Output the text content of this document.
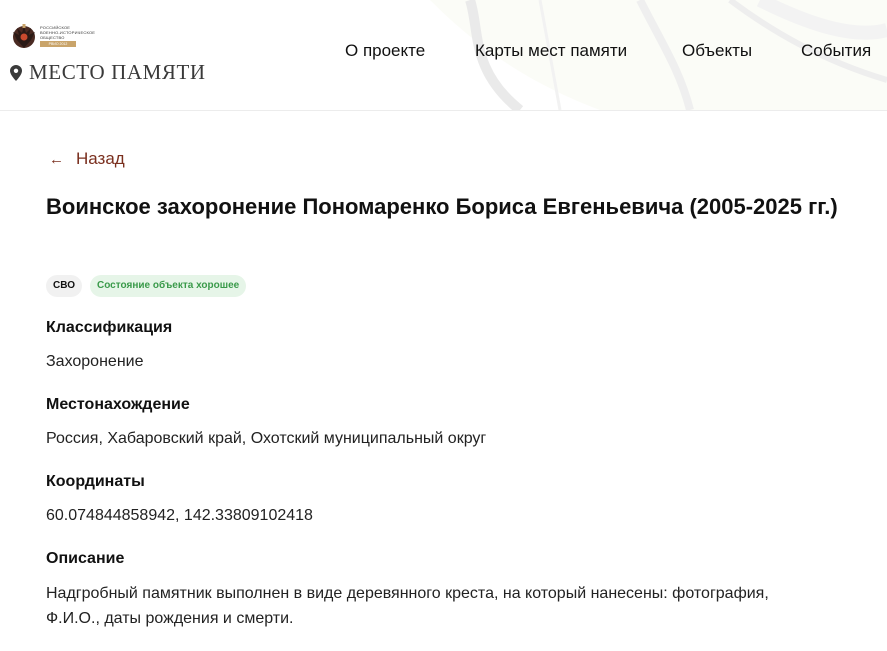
РОССИЙСКОЕ
ВОЕННО-ИСТОРИЧЕСКОЕ
ОБЩЕСТВО
РВИО 2012
МЕСТО ПАМЯТИ
О проекте	Карты мест памяти	Объекты	События
← Назад
Воинское захоронение Пономаренко Бориса Евгеньевича (2005-2025 гг.)
СВО	Состояние объекта хорошее
Классификация
Захоронение
Местонахождение
Россия, Хабаровский край, Охотский муниципальный округ
Координаты
60.074844858942, 142.33809102418
Описание
Надгробный памятник выполнен в виде деревянного креста, на который нанесены: фотография, Ф.И.О., даты рождения и смерти.
